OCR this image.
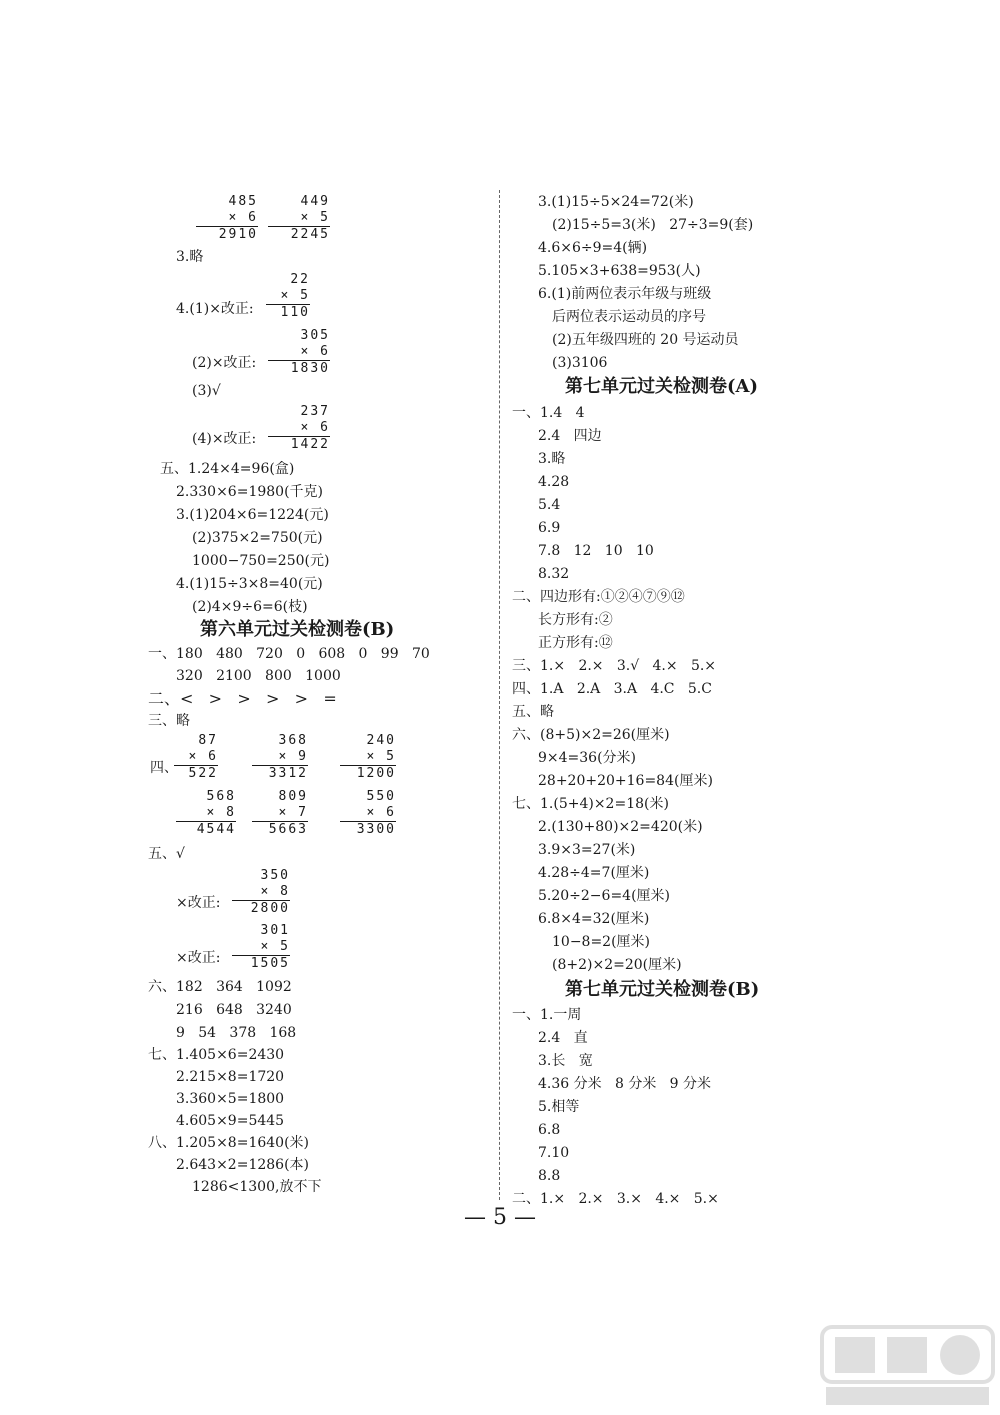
485
× 6
2910
449
× 5
2245
3.略
4.(1)×改正:
22
× 5
110
(2)×改正:
305
× 6
1830
(3)√
(4)×改正:
237
× 6
1422
五、1.24×4=96(盒)
2.330×6=1980(千克)
3.(1)204×6=1224(元)
(2)375×2=750(元)
1000−750=250(元)
4.(1)15÷3×8=40(元)
(2)4×9÷6=6(枝)
第六单元过关检测卷(B)
一、180   480   720   0   608   0   99   70
320   2100   800   1000
二、<   >   >   >   >   =
三、略
四、
87
× 6
522
368
× 9
3312
240
× 5
1200
568
× 8
4544
809
× 7
5663
550
× 6
3300
五、√
×改正:
350
× 8
2800
×改正:
301
× 5
1505
六、182   364   1092
216   648   3240
9   54   378   168
七、1.405×6=2430
2.215×8=1720
3.360×5=1800
4.605×9=5445
八、1.205×8=1640(米)
2.643×2=1286(本)
1286<1300,放不下
3.(1)15÷5×24=72(米)
(2)15÷5=3(米)   27÷3=9(套)
4.6×6÷9=4(辆)
5.105×3+638=953(人)
6.(1)前两位表示年级与班级
后两位表示运动员的序号
(2)五年级四班的 20 号运动员
(3)3106
第七单元过关检测卷(A)
一、1.4   4
2.4   四边
3.略
4.28
5.4
6.9
7.8   12   10   10
8.32
二、四边形有:①②④⑦⑨⑫
长方形有:②
正方形有:⑫
三、1.×   2.×   3.√   4.×   5.×
四、1.A   2.A   3.A   4.C   5.C
五、略
六、(8+5)×2=26(厘米)
9×4=36(分米)
28+20+20+16=84(厘米)
七、1.(5+4)×2=18(米)
2.(130+80)×2=420(米)
3.9×3=27(米)
4.28÷4=7(厘米)
5.20÷2−6=4(厘米)
6.8×4=32(厘米)
10−8=2(厘米)
(8+2)×2=20(厘米)
第七单元过关检测卷(B)
一、1.一周
2.4   直
3.长   宽
4.36 分米   8 分米   9 分米
5.相等
6.8
7.10
8.8
二、1.×   2.×   3.×   4.×   5.×
— 5 —
